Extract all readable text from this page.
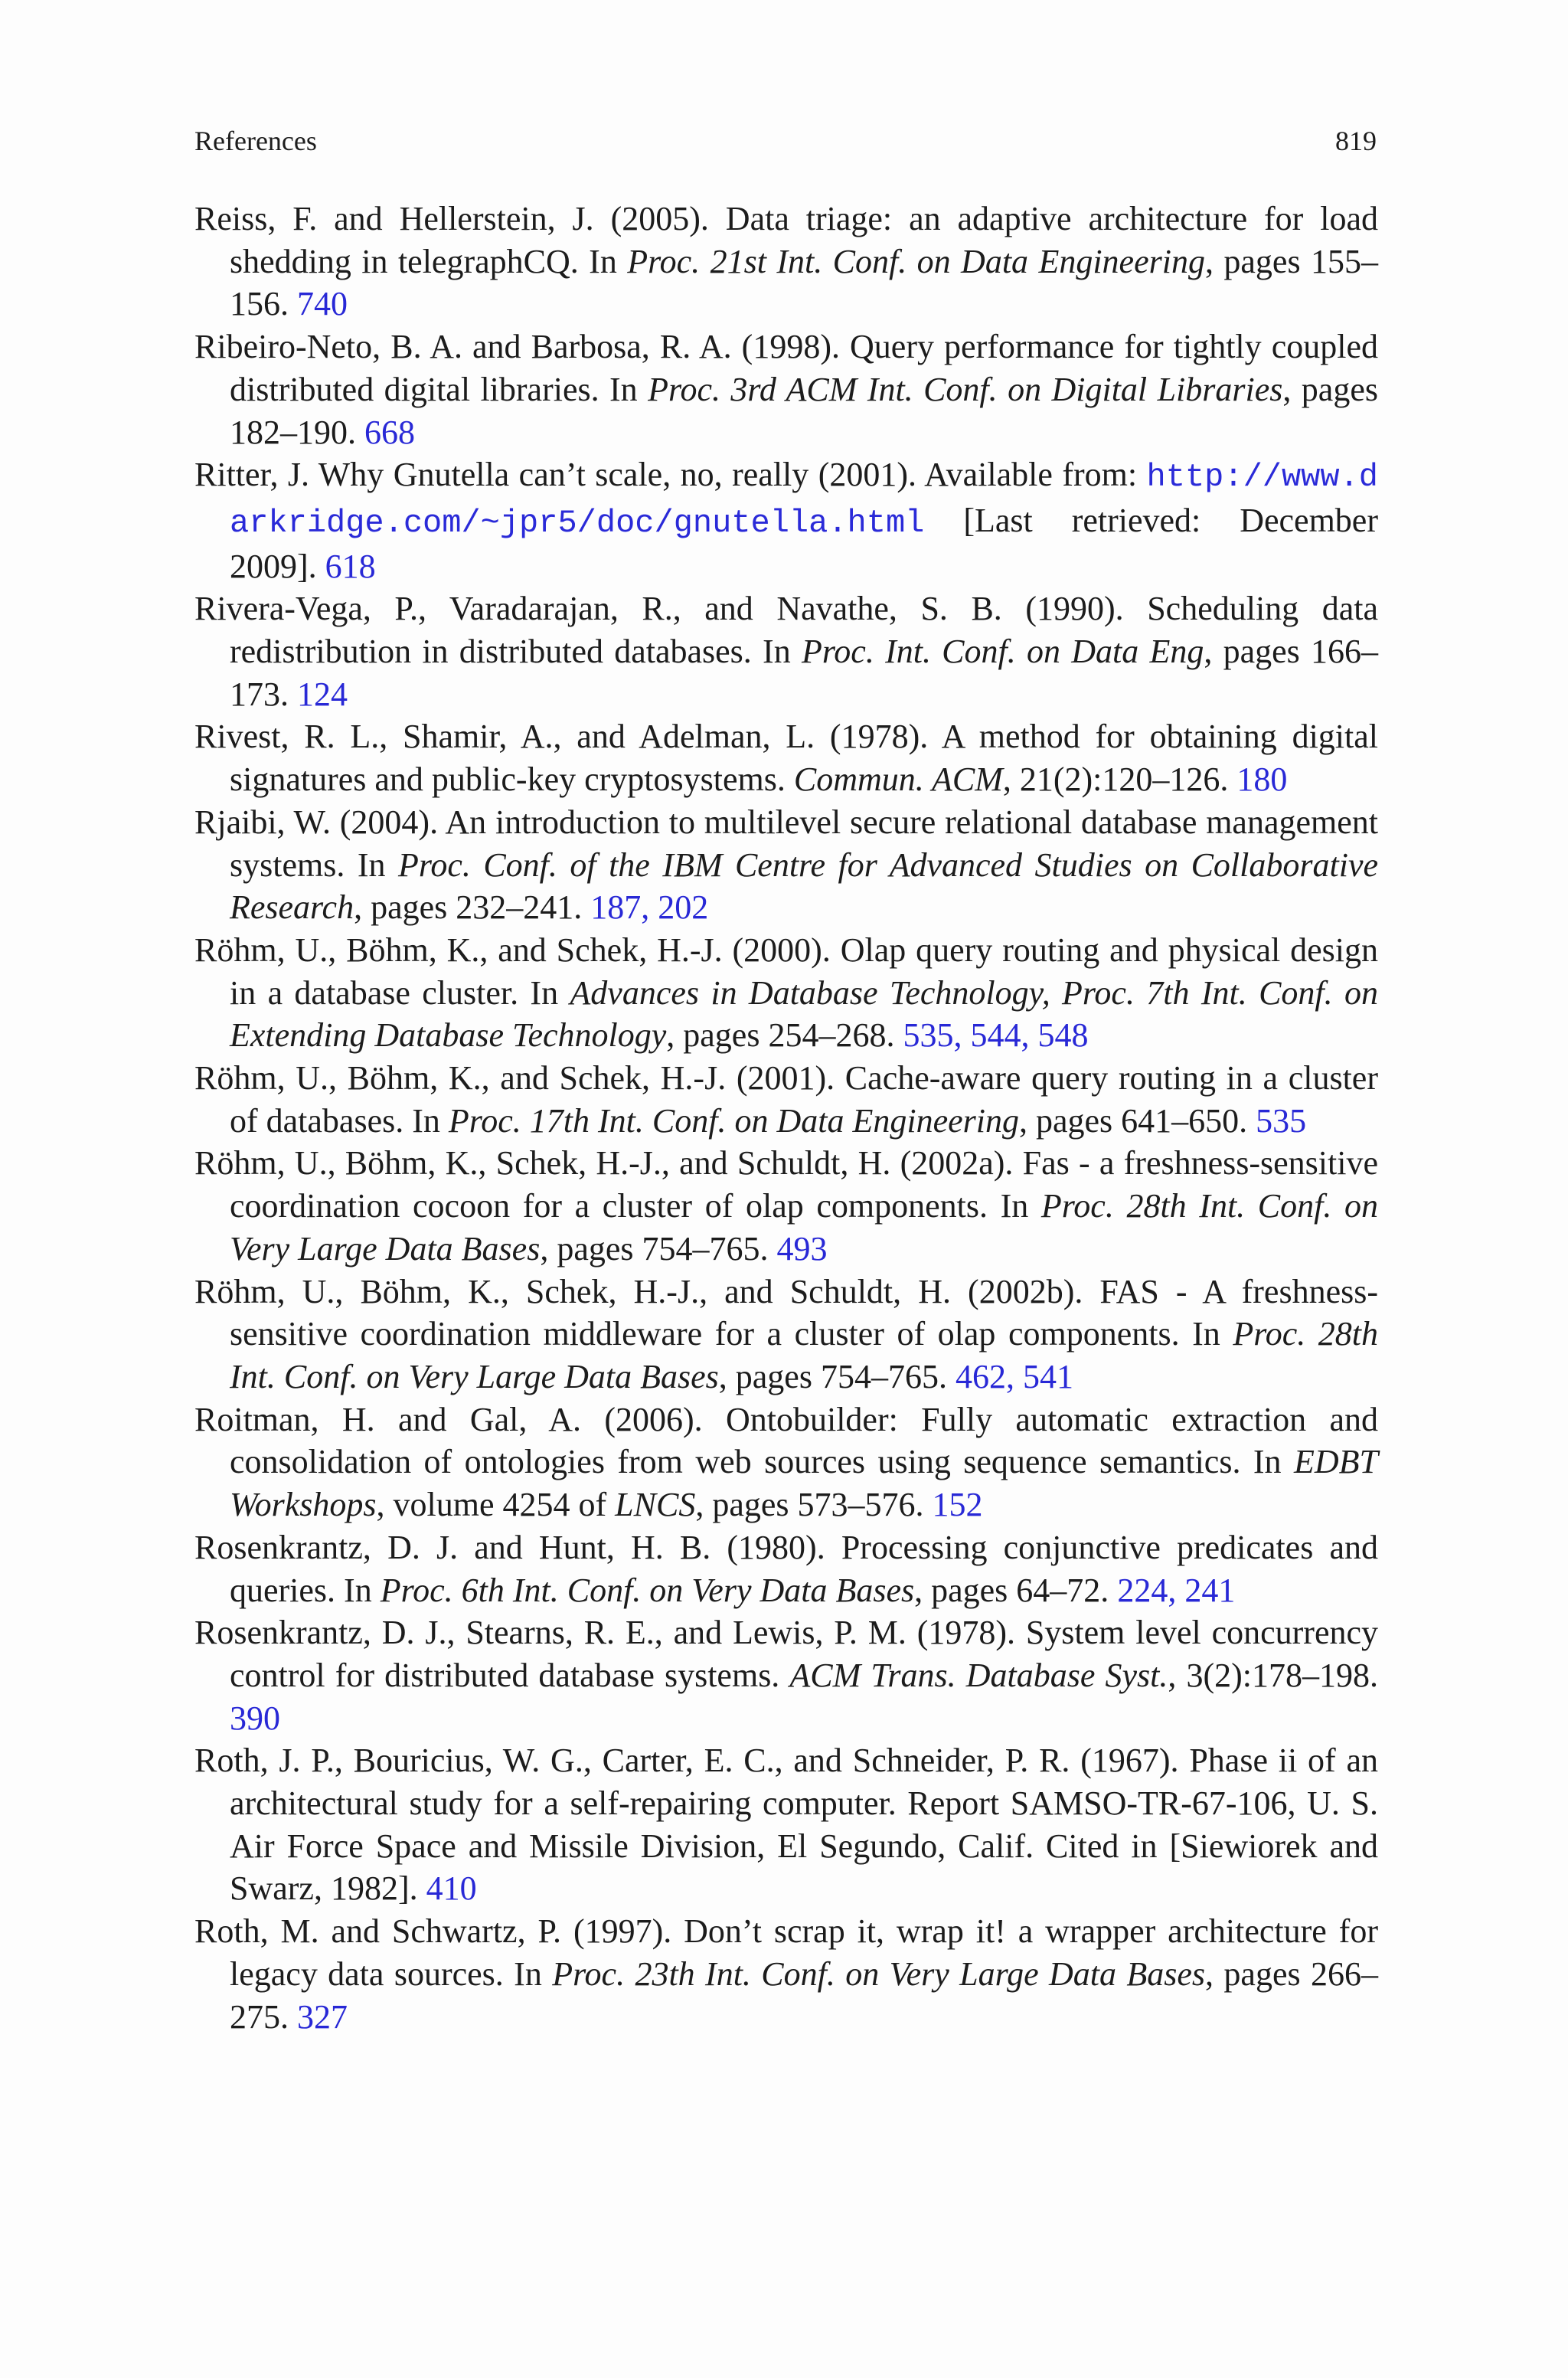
References	819
Reiss, F. and Hellerstein, J. (2005). Data triage: an adaptive architecture for load shedding in telegraphCQ. In Proc. 21st Int. Conf. on Data Engineering, pages 155–156. 740
Ribeiro-Neto, B. A. and Barbosa, R. A. (1998). Query performance for tightly coupled distributed digital libraries. In Proc. 3rd ACM Int. Conf. on Digital Libraries, pages 182–190. 668
Ritter, J. Why Gnutella can’t scale, no, really (2001). Available from: http://www.darkridge.com/~jpr5/doc/gnutella.html [Last retrieved: December 2009]. 618
Rivera-Vega, P., Varadarajan, R., and Navathe, S. B. (1990). Scheduling data redistribution in distributed databases. In Proc. Int. Conf. on Data Eng, pages 166–173. 124
Rivest, R. L., Shamir, A., and Adelman, L. (1978). A method for obtaining digital signatures and public-key cryptosystems. Commun. ACM, 21(2):120–126. 180
Rjaibi, W. (2004). An introduction to multilevel secure relational database management systems. In Proc. Conf. of the IBM Centre for Advanced Studies on Collaborative Research, pages 232–241. 187, 202
Röhm, U., Böhm, K., and Schek, H.-J. (2000). Olap query routing and physical design in a database cluster. In Advances in Database Technology, Proc. 7th Int. Conf. on Extending Database Technology, pages 254–268. 535, 544, 548
Röhm, U., Böhm, K., and Schek, H.-J. (2001). Cache-aware query routing in a cluster of databases. In Proc. 17th Int. Conf. on Data Engineering, pages 641–650. 535
Röhm, U., Böhm, K., Schek, H.-J., and Schuldt, H. (2002a). Fas - a freshness-sensitive coordination cocoon for a cluster of olap components. In Proc. 28th Int. Conf. on Very Large Data Bases, pages 754–765. 493
Röhm, U., Böhm, K., Schek, H.-J., and Schuldt, H. (2002b). FAS - A freshness-sensitive coordination middleware for a cluster of olap components. In Proc. 28th Int. Conf. on Very Large Data Bases, pages 754–765. 462, 541
Roitman, H. and Gal, A. (2006). Ontobuilder: Fully automatic extraction and consolidation of ontologies from web sources using sequence semantics. In EDBT Workshops, volume 4254 of LNCS, pages 573–576. 152
Rosenkrantz, D. J. and Hunt, H. B. (1980). Processing conjunctive predicates and queries. In Proc. 6th Int. Conf. on Very Data Bases, pages 64–72. 224, 241
Rosenkrantz, D. J., Stearns, R. E., and Lewis, P. M. (1978). System level concurrency control for distributed database systems. ACM Trans. Database Syst., 3(2):178–198. 390
Roth, J. P., Bouricius, W. G., Carter, E. C., and Schneider, P. R. (1967). Phase ii of an architectural study for a self-repairing computer. Report SAMSO-TR-67-106, U. S. Air Force Space and Missile Division, El Segundo, Calif. Cited in [Siewiorek and Swarz, 1982]. 410
Roth, M. and Schwartz, P. (1997). Don’t scrap it, wrap it! a wrapper architecture for legacy data sources. In Proc. 23th Int. Conf. on Very Large Data Bases, pages 266–275. 327
